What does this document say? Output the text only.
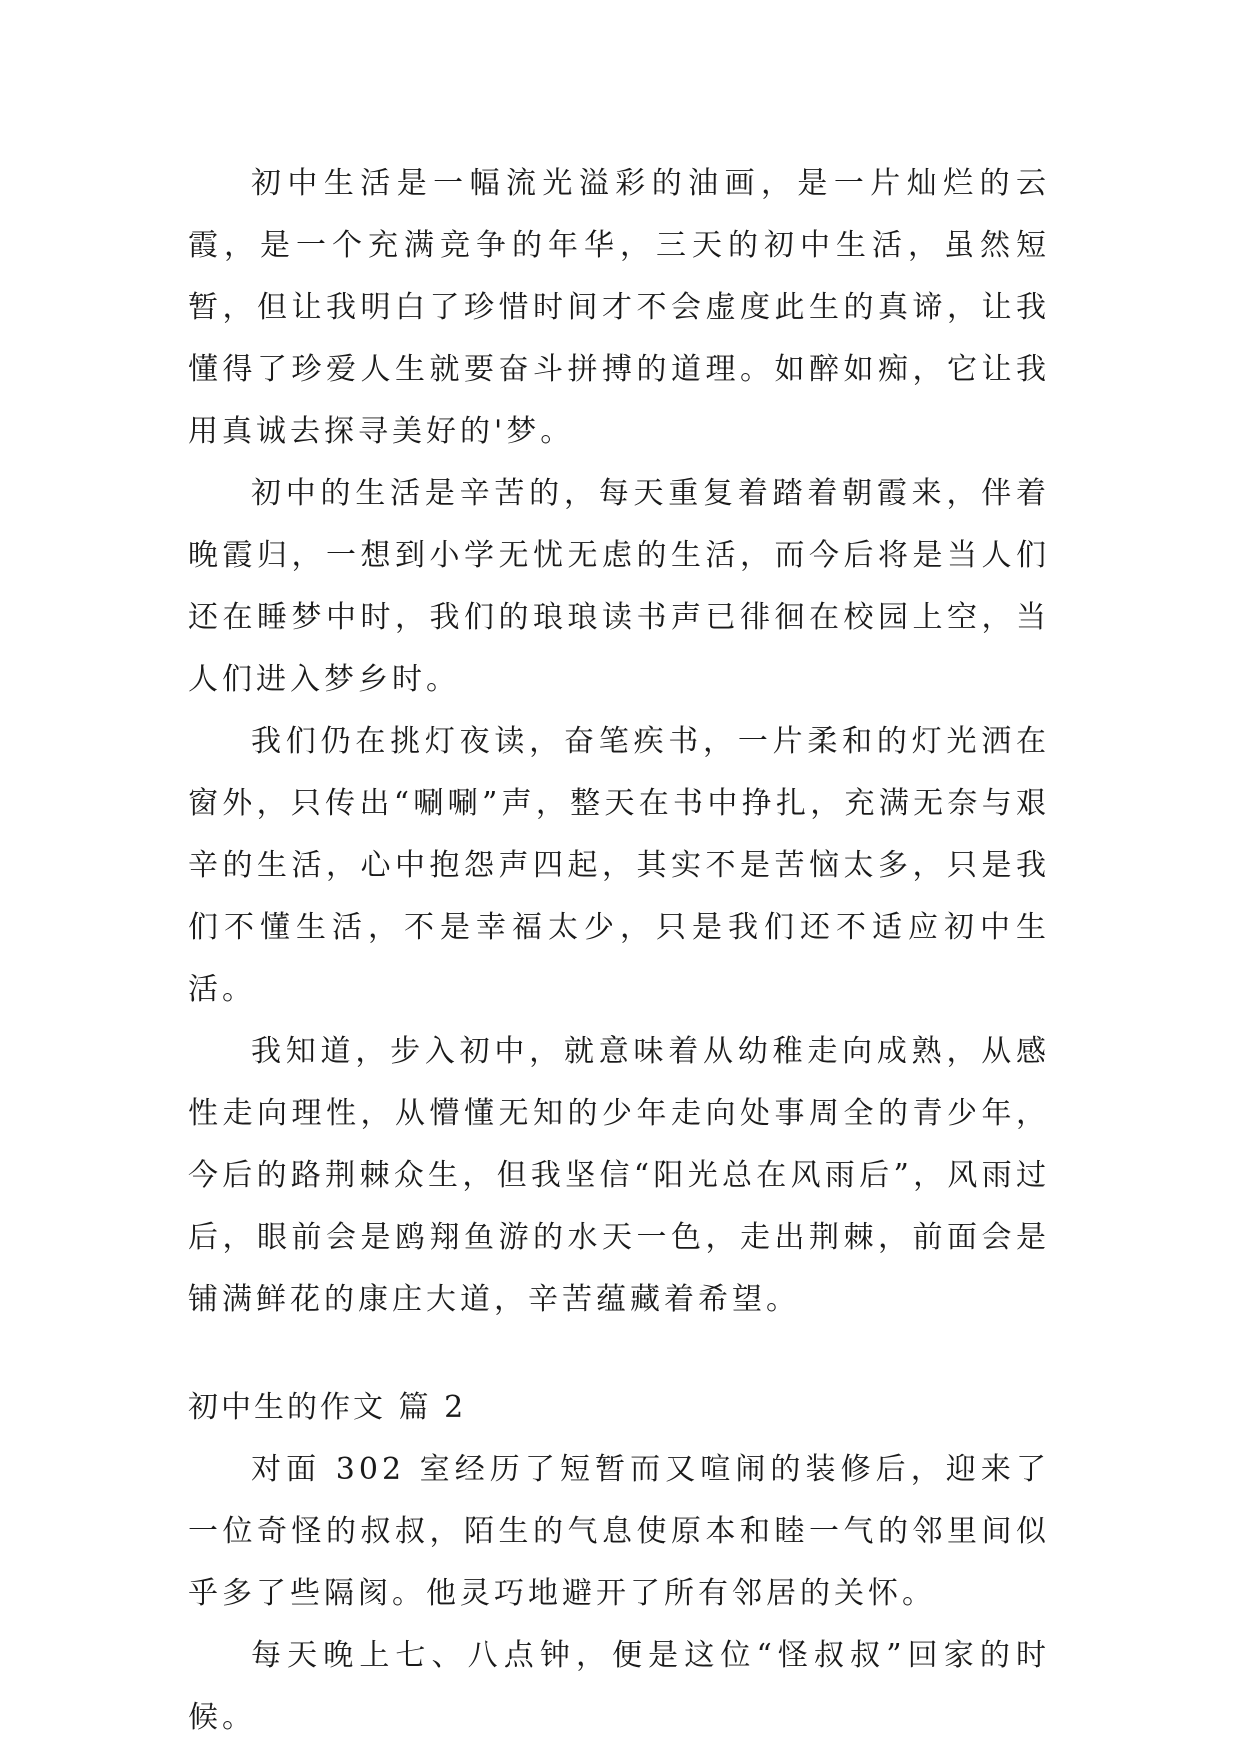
初中生活是一幅流光溢彩的油画，是一片灿烂的云霞，是一个充满竞争的年华，三天的初中生活，虽然短暂，但让我明白了珍惜时间才不会虚度此生的真谛，让我懂得了珍爱人生就要奋斗拼搏的道理。如醉如痴，它让我用真诚去探寻美好的'梦。

初中的生活是辛苦的，每天重复着踏着朝霞来，伴着晚霞归，一想到小学无忧无虑的生活，而今后将是当人们还在睡梦中时，我们的琅琅读书声已徘徊在校园上空，当人们进入梦乡时。

我们仍在挑灯夜读，奋笔疾书，一片柔和的灯光洒在窗外，只传出“唰唰”声，整天在书中挣扎，充满无奈与艰辛的生活，心中抱怨声四起，其实不是苦恼太多，只是我们不懂生活，不是幸福太少，只是我们还不适应初中生活。

我知道，步入初中，就意味着从幼稚走向成熟，从感性走向理性，从懵懂无知的少年走向处事周全的青少年，今后的路荆棘众生，但我坚信“阳光总在风雨后”，风雨过后，眼前会是鸥翔鱼游的水天一色，走出荆棘，前面会是铺满鲜花的康庄大道，辛苦蕴藏着希望。

初中生的作文 篇 2

对面 302 室经历了短暂而又喧闹的装修后，迎来了一位奇怪的叔叔，陌生的气息使原本和睦一气的邻里间似乎多了些隔阂。他灵巧地避开了所有邻居的关怀。

每天晚上七、八点钟，便是这位“怪叔叔”回家的时候。
